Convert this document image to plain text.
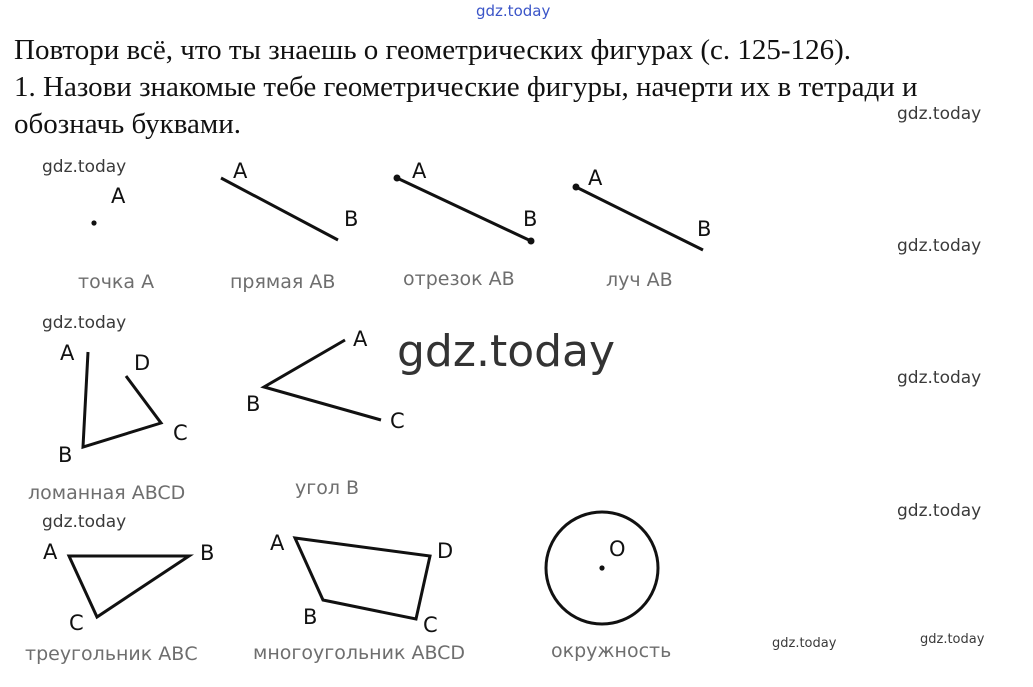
gdz.today
Повтори всё, что ты знаешь о геометрических фигурах (с. 125-126).

1. Назови знакомые тебе геометрические фигуры, начерти их в тетради и

обозначь буквами.	gdz.today
gdz.today
gdz.today
gdz.today
gdz.today
gdz.today
gdz.today
gdz.today
gdz.today	gdz.today
А
А
В
А
В
А
В
А	D
С
В
А
В
С
А	В
С
А	D
В	С
О
точка А	прямая АВ	отрезок АВ	луч АВ
ломанная ABCD	угол В
треугольник АВС	многоугольник ABCD	окружность
